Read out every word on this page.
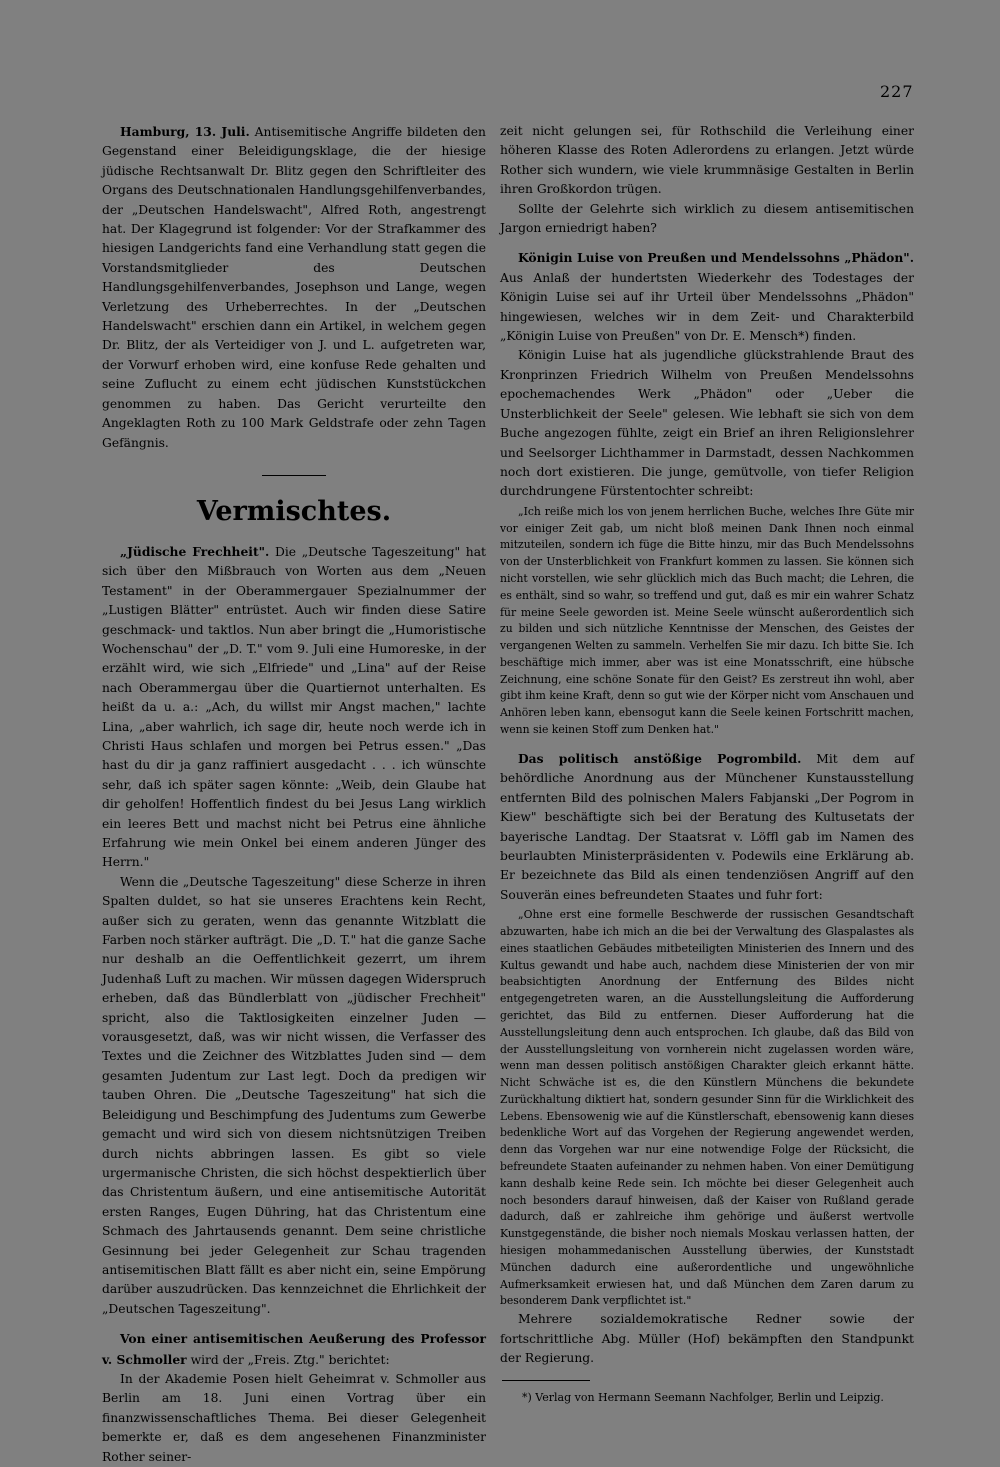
227

Hamburg, 13. Juli. Antisemitische Angriffe bildeten den Gegenstand einer Beleidigungsklage, die der hiesige jüdische Rechtsanwalt Dr. Blitz gegen den Schriftleiter des Organs des Deutschnationalen Handlungsgehilfenverbandes, der „Deutschen Handelswacht", Alfred Roth, angestrengt hat. Der Klagegrund ist folgender: Vor der Strafkammer des hiesigen Landgerichts fand eine Verhandlung statt gegen die Vorstandsmitglieder des Deutschen Handlungsgehilfenverbandes, Josephson und Lange, wegen Verletzung des Urheberrechtes. In der „Deutschen Handelswacht" erschien dann ein Artikel, in welchem gegen Dr. Blitz, der als Verteidiger von J. und L. aufgetreten war, der Vorwurf erhoben wird, eine konfuse Rede gehalten und seine Zuflucht zu einem echt jüdischen Kunststückchen genommen zu haben. Das Gericht verurteilte den Angeklagten Roth zu 100 Mark Geldstrafe oder zehn Tagen Gefängnis.

Vermischtes.

„Jüdische Frechheit". Die „Deutsche Tageszeitung" hat sich über den Mißbrauch von Worten aus dem „Neuen Testament" in der Oberammergauer Spezialnummer der „Lustigen Blätter" entrüstet. Auch wir finden diese Satire geschmack- und taktlos. Nun aber bringt die „Humoristische Wochenschau" der „D. T." vom 9. Juli eine Humoreske, in der erzählt wird, wie sich „Elfriede" und „Lina" auf der Reise nach Oberammergau über die Quartiernot unterhalten. Es heißt da u. a.: „Ach, du willst mir Angst machen," lachte Lina, „aber wahrlich, ich sage dir, heute noch werde ich in Christi Haus schlafen und morgen bei Petrus essen." „Das hast du dir ja ganz raffiniert ausgedacht . . . ich wünschte sehr, daß ich später sagen könnte: „Weib, dein Glaube hat dir geholfen! Hoffentlich findest du bei Jesus Lang wirklich ein leeres Bett und machst nicht bei Petrus eine ähnliche Erfahrung wie mein Onkel bei einem anderen Jünger des Herrn."

Wenn die „Deutsche Tageszeitung" diese Scherze in ihren Spalten duldet, so hat sie unseres Erachtens kein Recht, außer sich zu geraten, wenn das genannte Witzblatt die Farben noch stärker aufträgt. Die „D. T." hat die ganze Sache nur deshalb an die Oeffentlichkeit gezerrt, um ihrem Judenhaß Luft zu machen. Wir müssen dagegen Widerspruch erheben, daß das Bündlerblatt von „jüdischer Frechheit" spricht, also die Taktlosigkeiten einzelner Juden — vorausgesetzt, daß, was wir nicht wissen, die Verfasser des Textes und die Zeichner des Witzblattes Juden sind — dem gesamten Judentum zur Last legt. Doch da predigen wir tauben Ohren. Die „Deutsche Tageszeitung" hat sich die Beleidigung und Beschimpfung des Judentums zum Gewerbe gemacht und wird sich von diesem nichtsnützigen Treiben durch nichts abbringen lassen. Es gibt so viele urgermanische Christen, die sich höchst despektierlich über das Christentum äußern, und eine antisemitische Autorität ersten Ranges, Eugen Dühring, hat das Christentum eine Schmach des Jahrtausends genannt. Dem seine christliche Gesinnung bei jeder Gelegenheit zur Schau tragenden antisemitischen Blatt fällt es aber nicht ein, seine Empörung darüber auszudrücken. Das kennzeichnet die Ehrlichkeit der „Deutschen Tageszeitung".

Von einer antisemitischen Aeußerung des Professor v. Schmoller wird der „Freis. Ztg." berichtet:

In der Akademie Posen hielt Geheimrat v. Schmoller aus Berlin am 18. Juni einen Vortrag über ein finanzwissenschaftliches Thema. Bei dieser Gelegenheit bemerkte er, daß es dem angesehenen Finanzminister Rother seiner-

zeit nicht gelungen sei, für Rothschild die Verleihung einer höheren Klasse des Roten Adlerordens zu erlangen. Jetzt würde Rother sich wundern, wie viele krummnäsige Gestalten in Berlin ihren Großkordon trügen.

Sollte der Gelehrte sich wirklich zu diesem antisemitischen Jargon erniedrigt haben?

Königin Luise von Preußen und Mendelssohns „Phädon". Aus Anlaß der hundertsten Wiederkehr des Todestages der Königin Luise sei auf ihr Urteil über Mendelssohns „Phädon" hingewiesen, welches wir in dem Zeit- und Charakterbild „Königin Luise von Preußen" von Dr. E. Mensch*) finden.

Königin Luise hat als jugendliche glückstrahlende Braut des Kronprinzen Friedrich Wilhelm von Preußen Mendelssohns epochemachendes Werk „Phädon" oder „Ueber die Unsterblichkeit der Seele" gelesen. Wie lebhaft sie sich von dem Buche angezogen fühlte, zeigt ein Brief an ihren Religionslehrer und Seelsorger Lichthammer in Darmstadt, dessen Nachkommen noch dort existieren. Die junge, gemütvolle, von tiefer Religion durchdrungene Fürstentochter schreibt:

„Ich reiße mich los von jenem herrlichen Buche, welches Ihre Güte mir vor einiger Zeit gab, um nicht bloß meinen Dank Ihnen noch einmal mitzuteilen, sondern ich füge die Bitte hinzu, mir das Buch Mendelssohns von der Unsterblichkeit von Frankfurt kommen zu lassen. Sie können sich nicht vorstellen, wie sehr glücklich mich das Buch macht; die Lehren, die es enthält, sind so wahr, so treffend und gut, daß es mir ein wahrer Schatz für meine Seele geworden ist. Meine Seele wünscht außerordentlich sich zu bilden und sich nützliche Kenntnisse der Menschen, des Geistes der vergangenen Welten zu sammeln. Verhelfen Sie mir dazu. Ich bitte Sie. Ich beschäftige mich immer, aber was ist eine Monatsschrift, eine hübsche Zeichnung, eine schöne Sonate für den Geist? Es zerstreut ihn wohl, aber gibt ihm keine Kraft, denn so gut wie der Körper nicht vom Anschauen und Anhören leben kann, ebensogut kann die Seele keinen Fortschritt machen, wenn sie keinen Stoff zum Denken hat."

Das politisch anstößige Pogrombild. Mit dem auf behördliche Anordnung aus der Münchener Kunstausstellung entfernten Bild des polnischen Malers Fabjanski „Der Pogrom in Kiew" beschäftigte sich bei der Beratung des Kultusetats der bayerische Landtag. Der Staatsrat v. Löffl gab im Namen des beurlaubten Ministerpräsidenten v. Podewils eine Erklärung ab. Er bezeichnete das Bild als einen tendenziösen Angriff auf den Souverän eines befreundeten Staates und fuhr fort:

„Ohne erst eine formelle Beschwerde der russischen Gesandtschaft abzuwarten, habe ich mich an die bei der Verwaltung des Glaspalastes als eines staatlichen Gebäudes mitbeteiligten Ministerien des Innern und des Kultus gewandt und habe auch, nachdem diese Ministerien der von mir beabsichtigten Anordnung der Entfernung des Bildes nicht entgegengetreten waren, an die Ausstellungsleitung die Aufforderung gerichtet, das Bild zu entfernen. Dieser Aufforderung hat die Ausstellungsleitung denn auch entsprochen. Ich glaube, daß das Bild von der Ausstellungsleitung von vornherein nicht zugelassen worden wäre, wenn man dessen politisch anstößigen Charakter gleich erkannt hätte. Nicht Schwäche ist es, die den Künstlern Münchens die bekundete Zurückhaltung diktiert hat, sondern gesunder Sinn für die Wirklichkeit des Lebens. Ebensowenig wie auf die Künstlerschaft, ebensowenig kann dieses bedenkliche Wort auf das Vorgehen der Regierung angewendet werden, denn das Vorgehen war nur eine notwendige Folge der Rücksicht, die befreundete Staaten aufeinander zu nehmen haben. Von einer Demütigung kann deshalb keine Rede sein. Ich möchte bei dieser Gelegenheit auch noch besonders darauf hinweisen, daß der Kaiser von Rußland gerade dadurch, daß er zahlreiche ihm gehörige und äußerst wertvolle Kunstgegenstände, die bisher noch niemals Moskau verlassen hatten, der hiesigen mohammedanischen Ausstellung überwies, der Kunststadt München dadurch eine außerordentliche und ungewöhnliche Aufmerksamkeit erwiesen hat, und daß München dem Zaren darum zu besonderem Dank verpflichtet ist."

Mehrere sozialdemokratische Redner sowie der fortschrittliche Abg. Müller (Hof) bekämpften den Standpunkt der Regierung.

*) Verlag von Hermann Seemann Nachfolger, Berlin und Leipzig.
